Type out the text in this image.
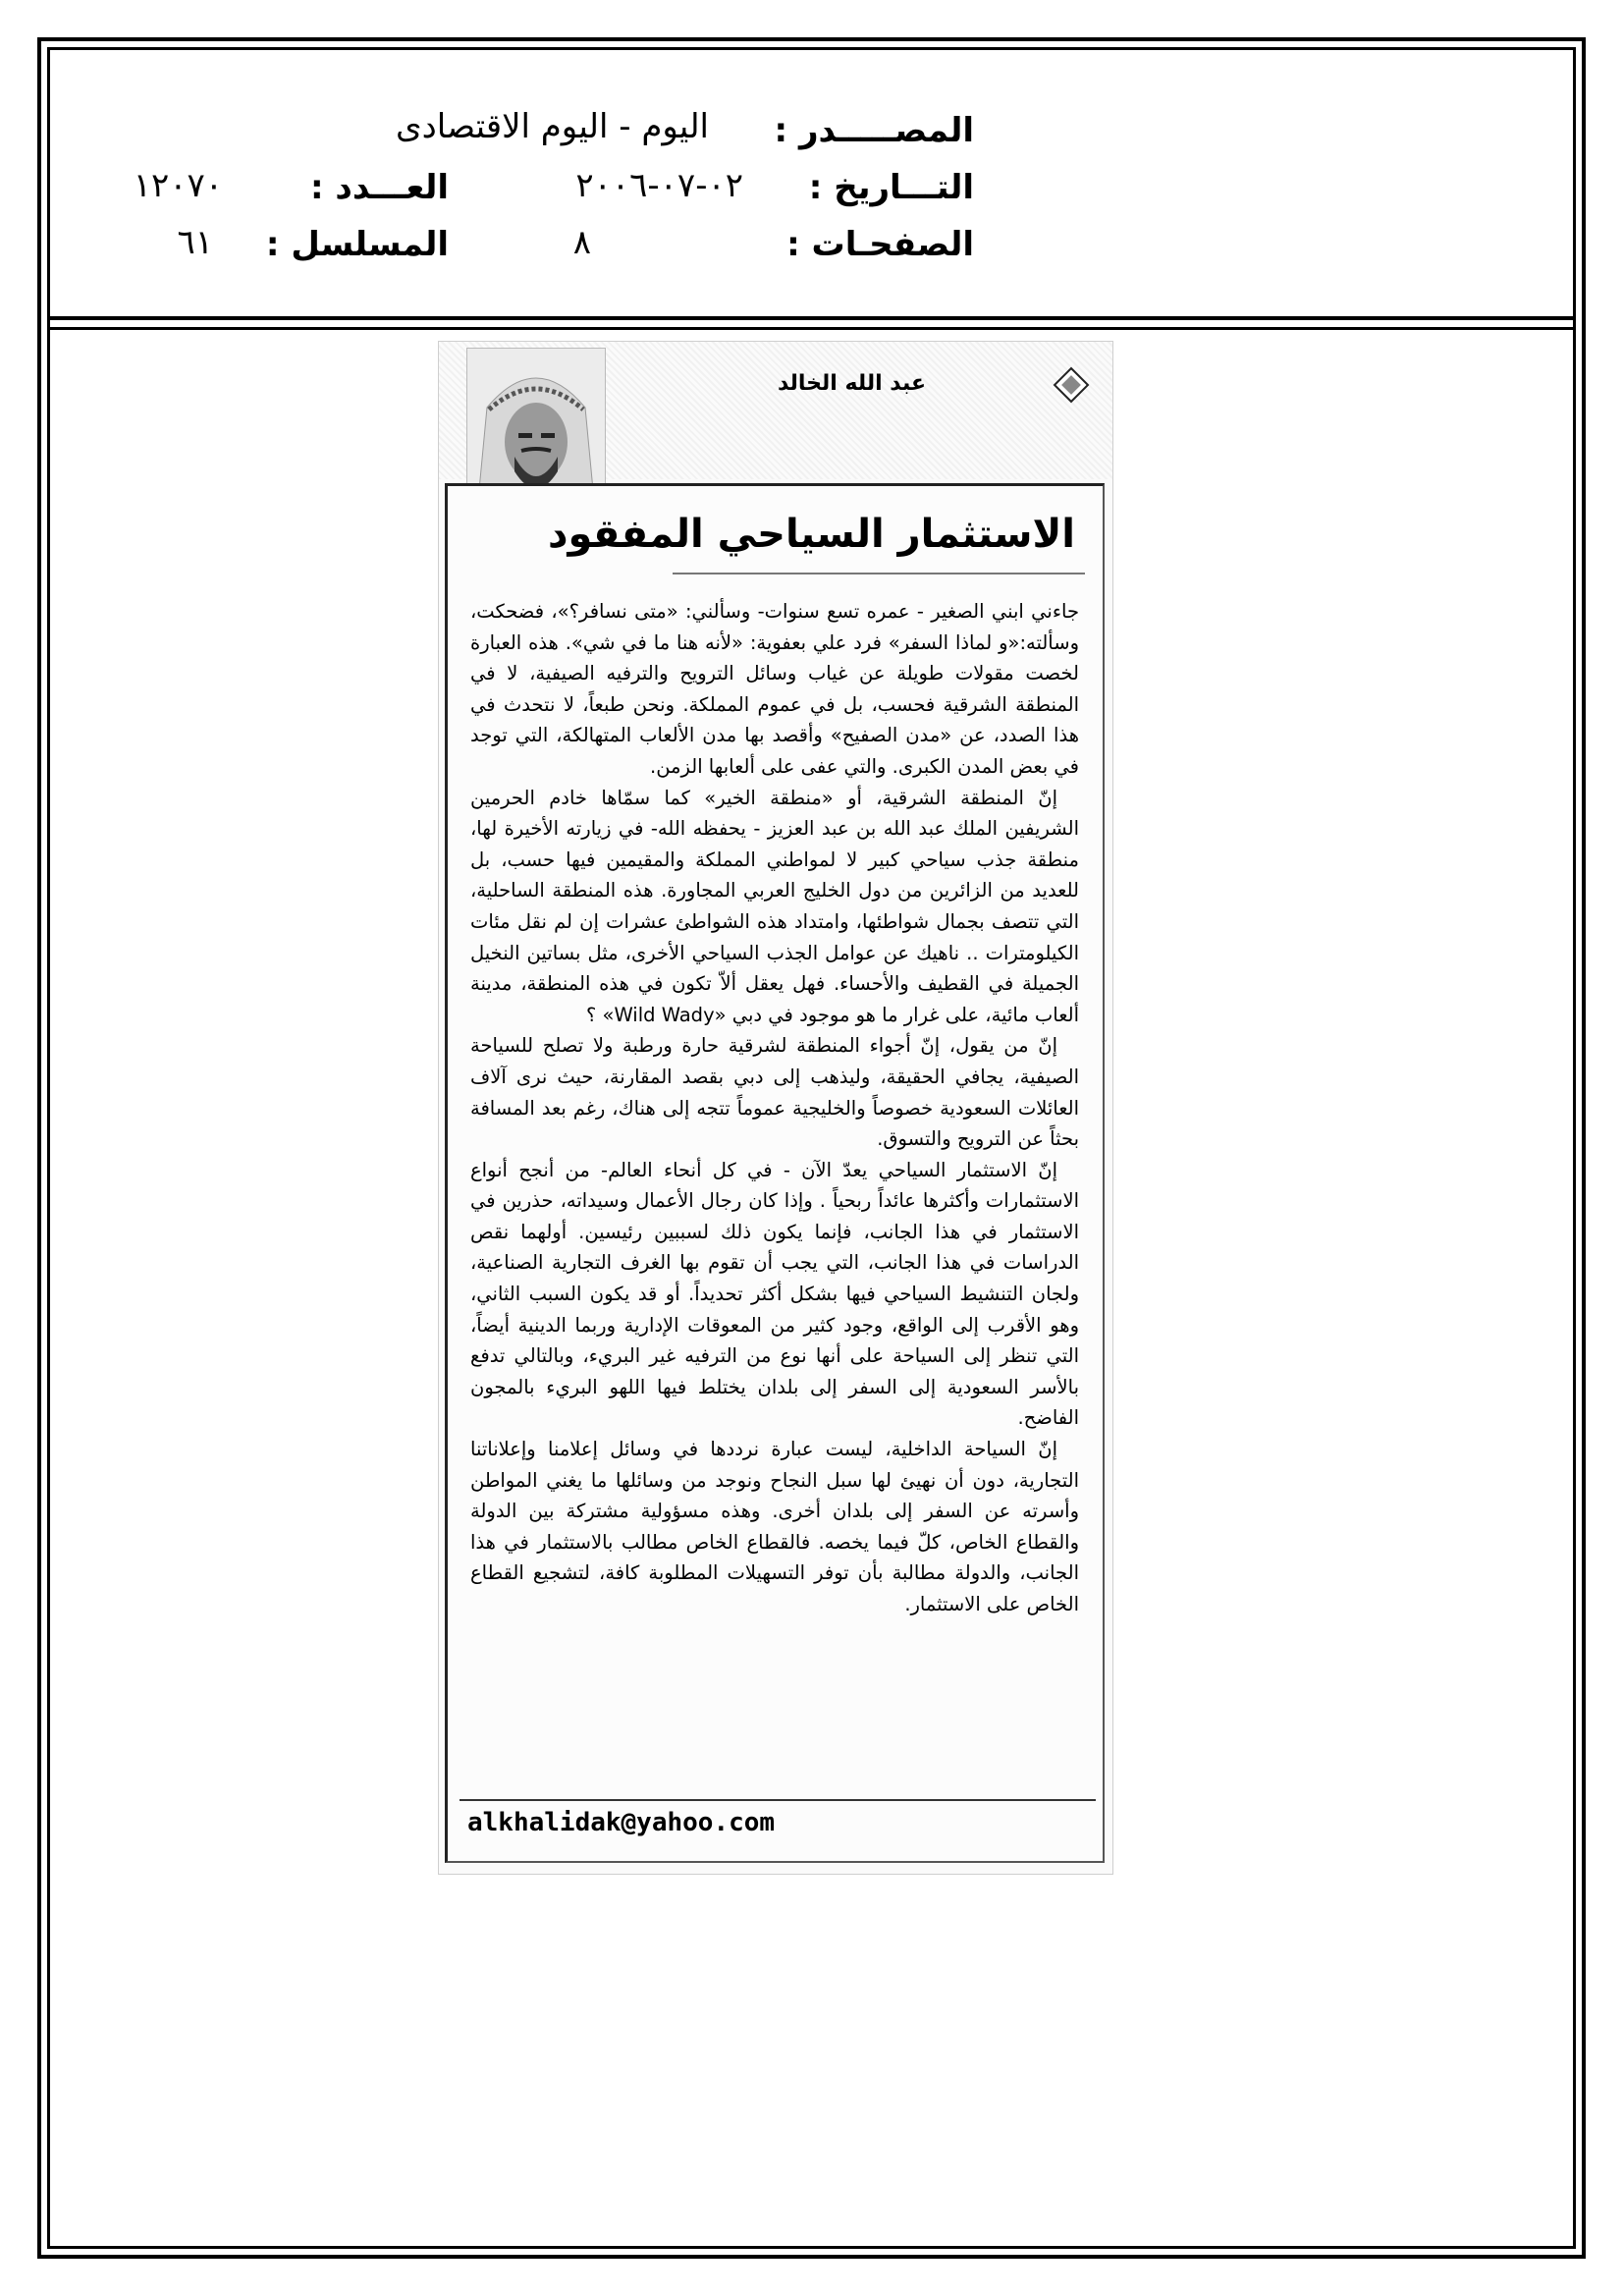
المصـــــدر :
اليوم - اليوم الاقتصادى
التـــاريخ :
٠٢-٠٧-٢٠٠٦
العـــدد :
١٢٠٧٠
الصفحـات :
٨
المسلسل :
٦١
عبد الله الخالد
الاستثمار السياحي المفقود

جاءني ابني الصغير - عمره تسع سنوات- وسألني: «متى نسافر؟»، فضحكت، وسألته:«و لماذا السفر» فرد علي بعفوية: «لأنه هنا ما في شي». هذه العبارة لخصت مقولات طويلة عن غياب وسائل الترويح والترفيه الصيفية، لا في المنطقة الشرقية فحسب، بل في عموم المملكة. ونحن طبعاً، لا نتحدث في هذا الصدد، عن «مدن الصفيح» وأقصد بها مدن الألعاب المتهالكة، التي توجد في بعض المدن الكبرى. والتي عفى على ألعابها الزمن.

إنّ المنطقة الشرقية، أو «منطقة الخير» كما سمّاها خادم الحرمين الشريفين الملك عبد الله بن عبد العزيز - يحفظه الله- في زيارته الأخيرة لها، منطقة جذب سياحي كبير لا لمواطني المملكة والمقيمين فيها حسب، بل للعديد من الزائرين من دول الخليج العربي المجاورة. هذه المنطقة الساحلية، التي تتصف بجمال شواطئها، وامتداد هذه الشواطئ عشرات إن لم نقل مئات الكيلومترات .. ناهيك عن عوامل الجذب السياحي الأخرى، مثل بساتين النخيل الجميلة في القطيف والأحساء. فهل يعقل ألاّ تكون في هذه المنطقة، مدينة ألعاب مائية، على غرار ما هو موجود في دبي «Wild Wady» ؟

إنّ من يقول، إنّ أجواء المنطقة لشرقية حارة ورطبة ولا تصلح للسياحة الصيفية، يجافي الحقيقة، وليذهب إلى دبي بقصد المقارنة، حيث نرى آلاف العائلات السعودية خصوصاً والخليجية عموماً تتجه إلى هناك، رغم بعد المسافة بحثاً عن الترويح والتسوق.

إنّ الاستثمار السياحي يعدّ الآن - في كل أنحاء العالم- من أنجح أنواع الاستثمارات وأكثرها عائداً ربحياً . وإذا كان رجال الأعمال وسيداته، حذرين في الاستثمار في هذا الجانب، فإنما يكون ذلك لسببين رئيسين. أولهما نقص الدراسات في هذا الجانب، التي يجب أن تقوم بها الغرف التجارية الصناعية، ولجان التنشيط السياحي فيها بشكل أكثر تحديداً. أو قد يكون السبب الثاني، وهو الأقرب إلى الواقع، وجود كثير من المعوقات الإدارية وربما الدينية أيضاً، التي تنظر إلى السياحة على أنها نوع من الترفيه غير البريء، وبالتالي تدفع بالأسر السعودية إلى السفر إلى بلدان يختلط فيها اللهو البريء بالمجون الفاضح.

إنّ السياحة الداخلية، ليست عبارة نرددها في وسائل إعلامنا وإعلاناتنا التجارية، دون أن نهيئ لها سبل النجاح ونوجد من وسائلها ما يغني المواطن وأسرته عن السفر إلى بلدان أخرى. وهذه مسؤولية مشتركة بين الدولة والقطاع الخاص، كلّ فيما يخصه. فالقطاع الخاص مطالب بالاستثمار في هذا الجانب، والدولة مطالبة بأن توفر التسهيلات المطلوبة كافة، لتشجيع القطاع الخاص على الاستثمار.

alkhalidak@yahoo.com
